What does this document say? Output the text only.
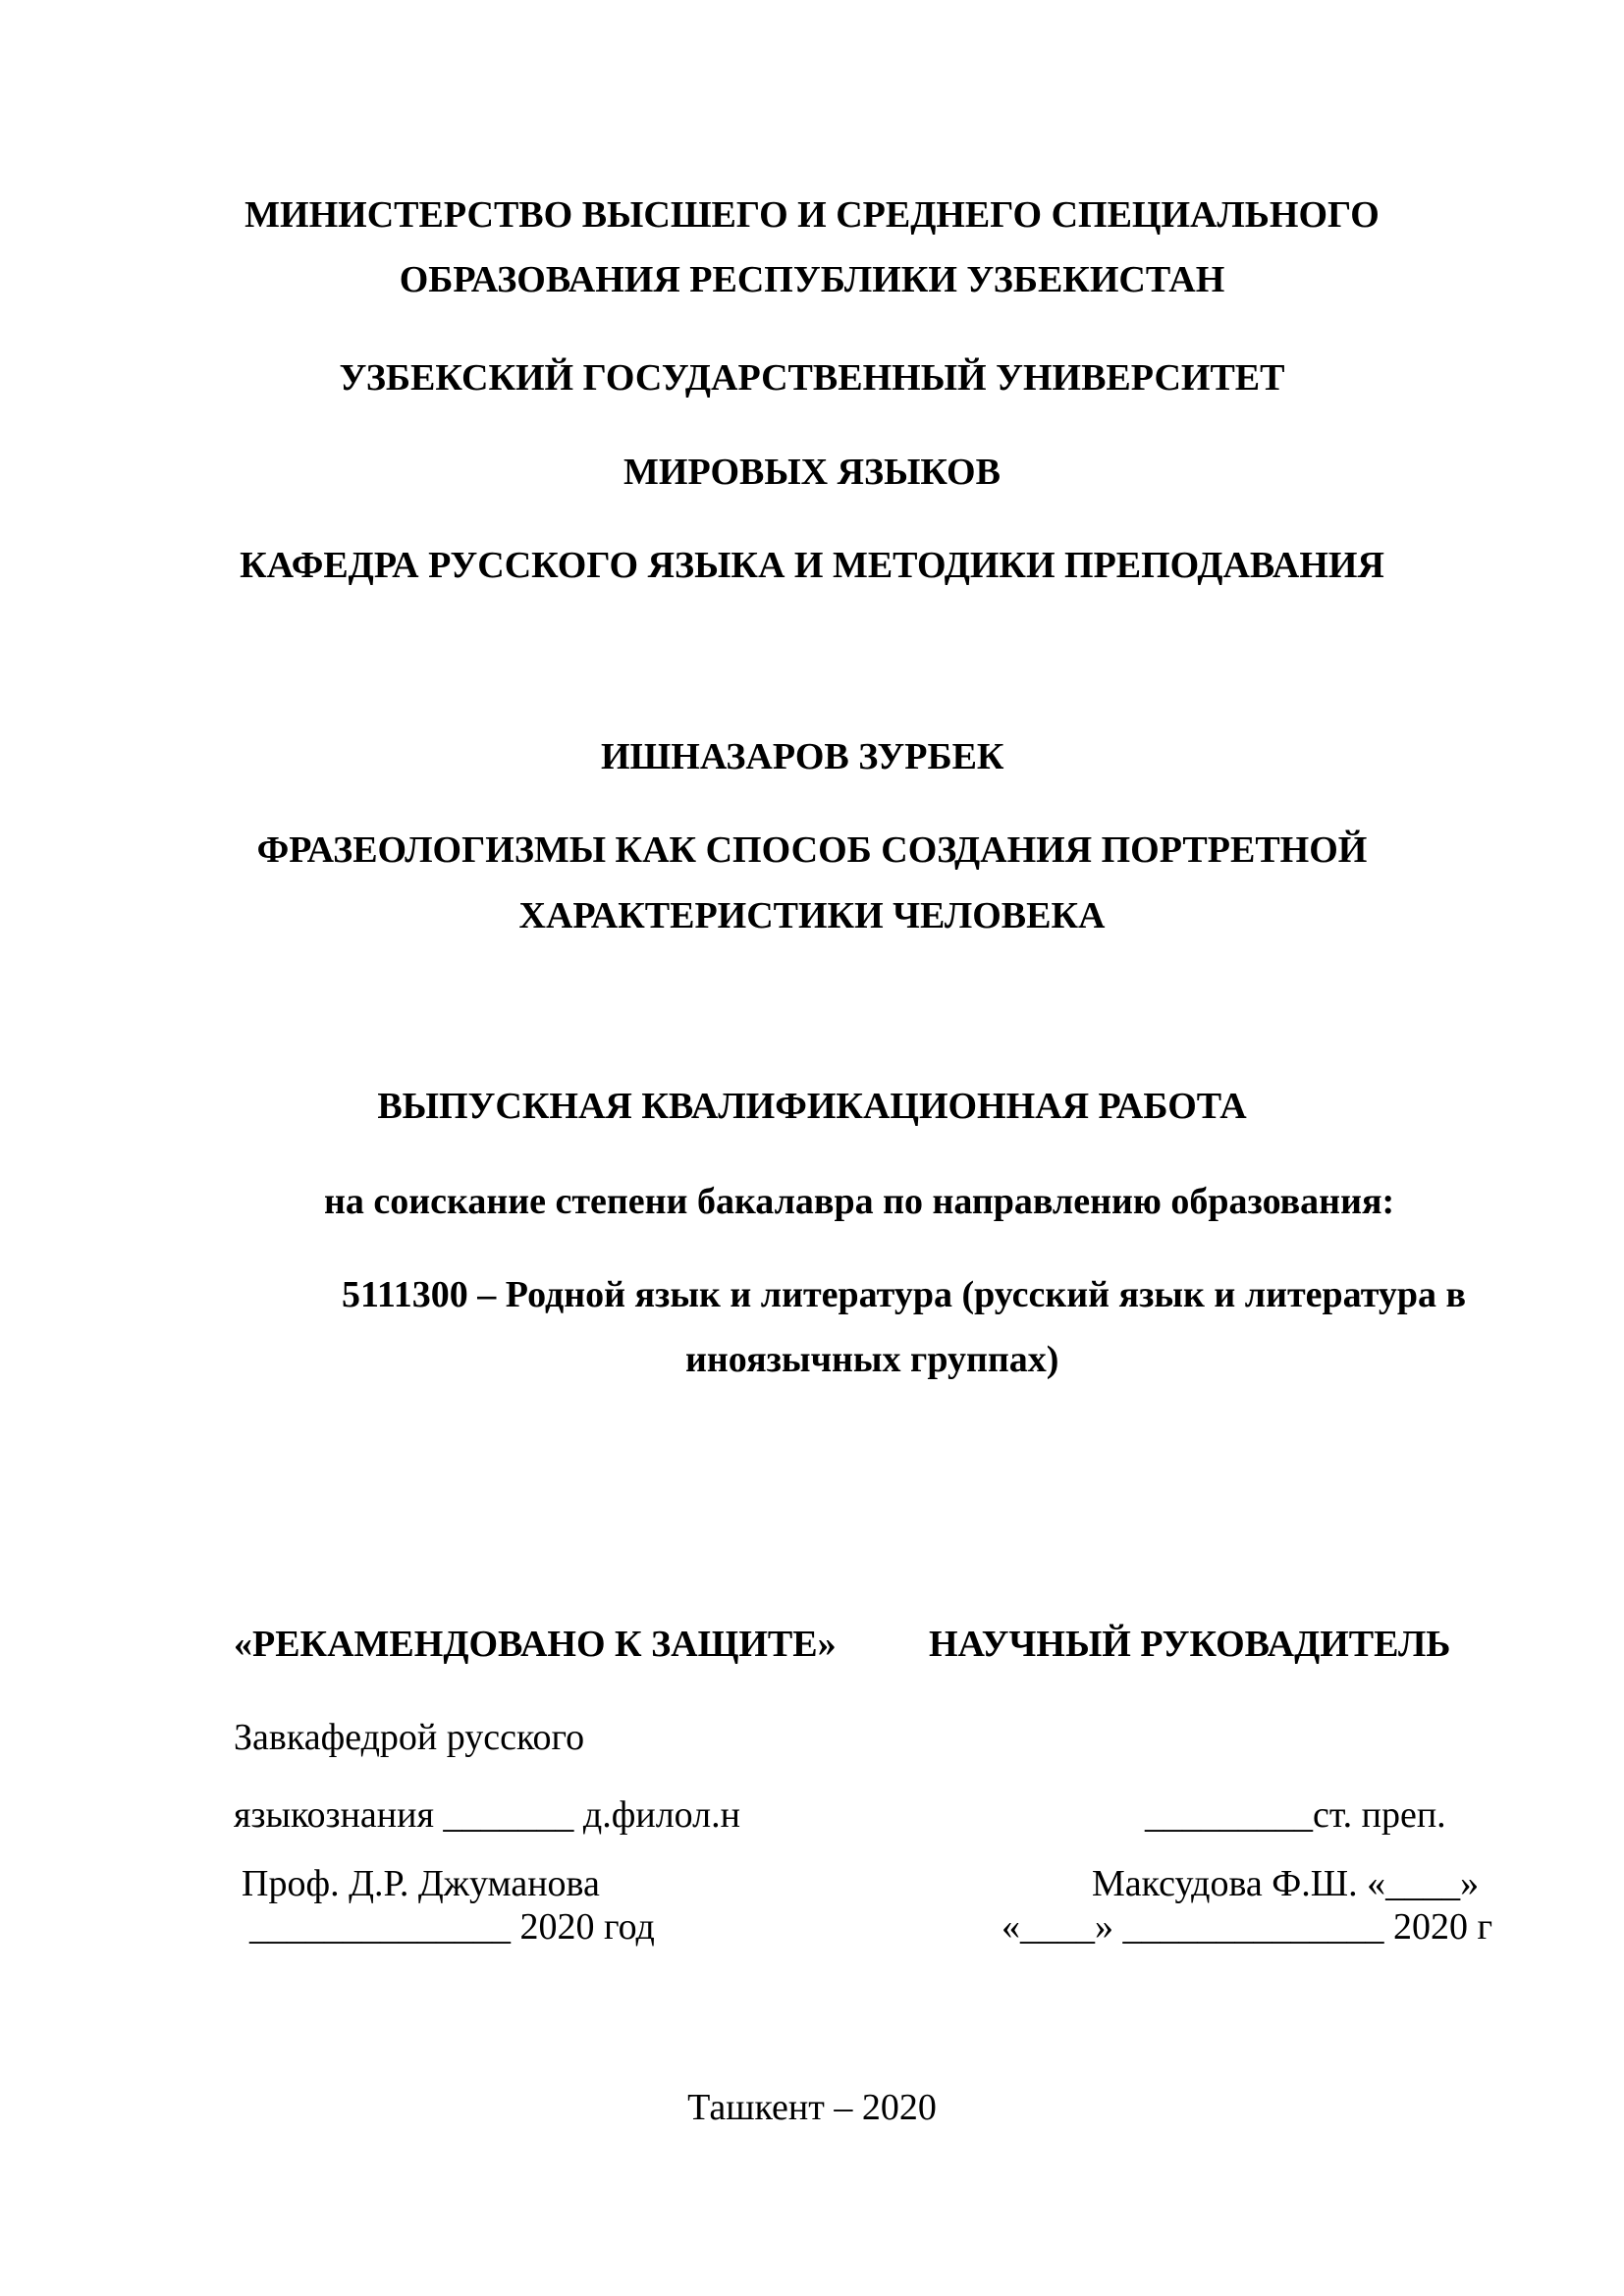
МИНИСТЕРСТВО ВЫСШЕГО И СРЕДНЕГО СПЕЦИАЛЬНОГО
ОБРАЗОВАНИЯ РЕСПУБЛИКИ УЗБЕКИСТАН
УЗБЕКСКИЙ ГОСУДАРСТВЕННЫЙ УНИВЕРСИТЕТ
МИРОВЫХ ЯЗЫКОВ
КАФЕДРА РУССКОГО ЯЗЫКА И МЕТОДИКИ ПРЕПОДАВАНИЯ
ИШНАЗАРОВ ЗУРБЕК
ФРАЗЕОЛОГИЗМЫ КАК СПОСОБ СОЗДАНИЯ ПОРТРЕТНОЙ
ХАРАКТЕРИСТИКИ ЧЕЛОВЕКА
ВЫПУСКНАЯ КВАЛИФИКАЦИОННАЯ РАБОТА
на соискание степени бакалавра по направлению образования:
5111300 – Родной язык и литература (русский язык и литература в
иноязычных группах)
«РЕКАМЕНДОВАНО К ЗАЩИТЕ» НАУЧНЫЙ РУКОВАДИТЕЛЬ
Завкафедрой русского
языкознания _______ д.филол.н	_________ст. преп.
Проф. Д.Р. Джуманова	Максудова Ф.Ш. «____»
______________ 2020 год	«____» ______________ 2020 г
Ташкент – 2020
